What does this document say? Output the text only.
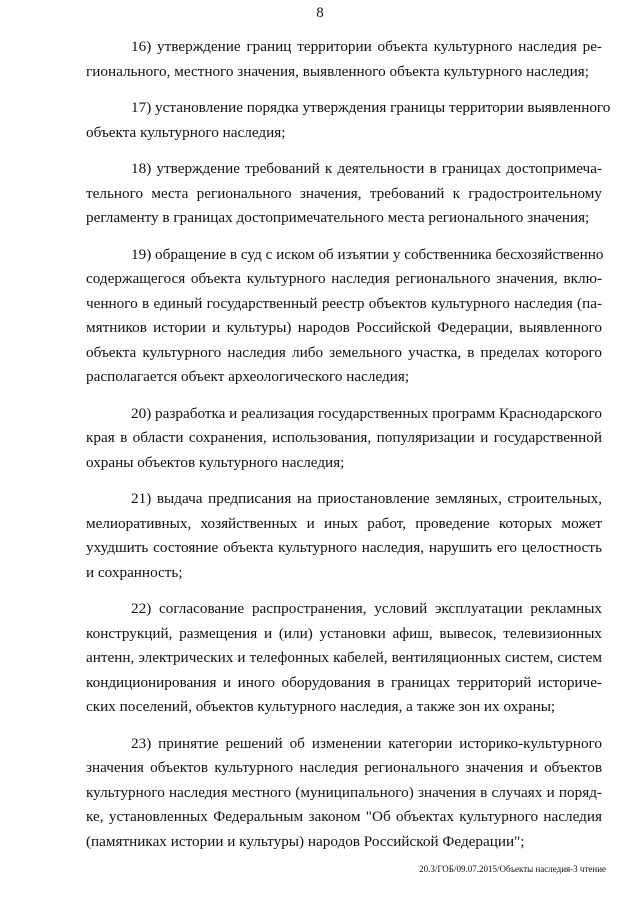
8

16) утверждение границ территории объекта культурного наследия ре-
гионального, местного значения, выявленного объекта культурного наследия;

17) установление порядка утверждения границы территории выявленного
объекта культурного наследия;

18) утверждение требований к деятельности в границах достопримеча-
тельного места регионального значения, требований к градостроительному
регламенту в границах достопримечательного места регионального значения;

19) обращение в суд с иском об изъятии у собственника бесхозяйственно
содержащегося объекта культурного наследия регионального значения, вклю-
ченного в единый государственный реестр объектов культурного наследия (па-
мятников истории и культуры) народов Российской Федерации, выявленного
объекта культурного наследия либо земельного участка, в пределах которого
располагается объект археологического наследия;

20) разработка и реализация государственных программ Краснодарского
края в области сохранения, использования, популяризации и государственной
охраны объектов культурного наследия;

21) выдача предписания на приостановление земляных, строительных,
мелиоративных, хозяйственных и иных работ, проведение которых может
ухудшить состояние объекта культурного наследия, нарушить его целостность
и сохранность;

22) согласование распространения, условий эксплуатации рекламных
конструкций, размещения и (или) установки афиш, вывесок, телевизионных
антенн, электрических и телефонных кабелей, вентиляционных систем, систем
кондиционирования и иного оборудования в границах территорий историче-
ских поселений, объектов культурного наследия, а также зон их охраны;

23) принятие решений об изменении категории историко-культурного
значения объектов культурного наследия регионального значения и объектов
культурного наследия местного (муниципального) значения в случаях и поряд-
ке, установленных Федеральным законом "Об объектах культурного наследия
(памятниках истории и культуры) народов Российской Федерации";

20.3/ГОБ/09.07.2015/Объекты наследия-3 чтение
